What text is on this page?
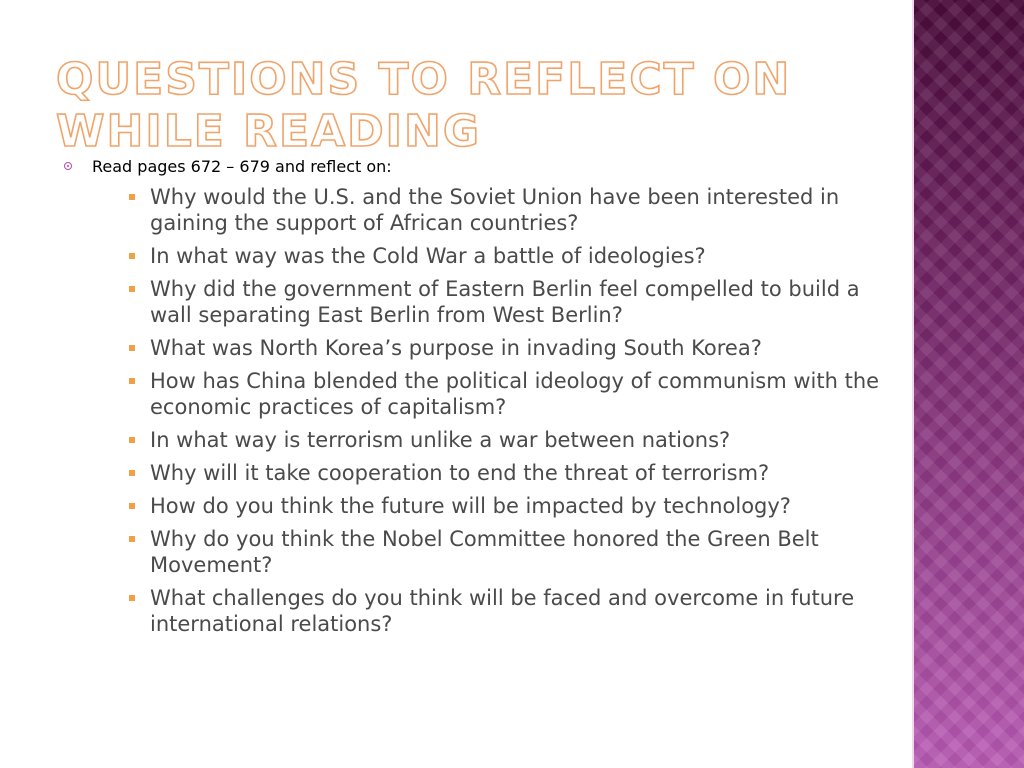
QUESTIONS TO REFLECT ON WHILE READING
Read pages 672 – 679 and reflect on:
Why would the U.S. and the Soviet Union have been interested in gaining the support of African countries?
In what way was the Cold War a battle of ideologies?
Why did the government of Eastern Berlin feel compelled to build a wall separating East Berlin from West Berlin?
What was North Korea’s purpose in invading South Korea?
How has China blended the political ideology of communism with the economic practices of capitalism?
In what way is terrorism unlike a war between nations?
Why will it take cooperation to end the threat of terrorism?
How do you think the future will be impacted by technology?
Why do you think the Nobel Committee honored the Green Belt Movement?
What challenges do you think will be faced and overcome in future international relations?
